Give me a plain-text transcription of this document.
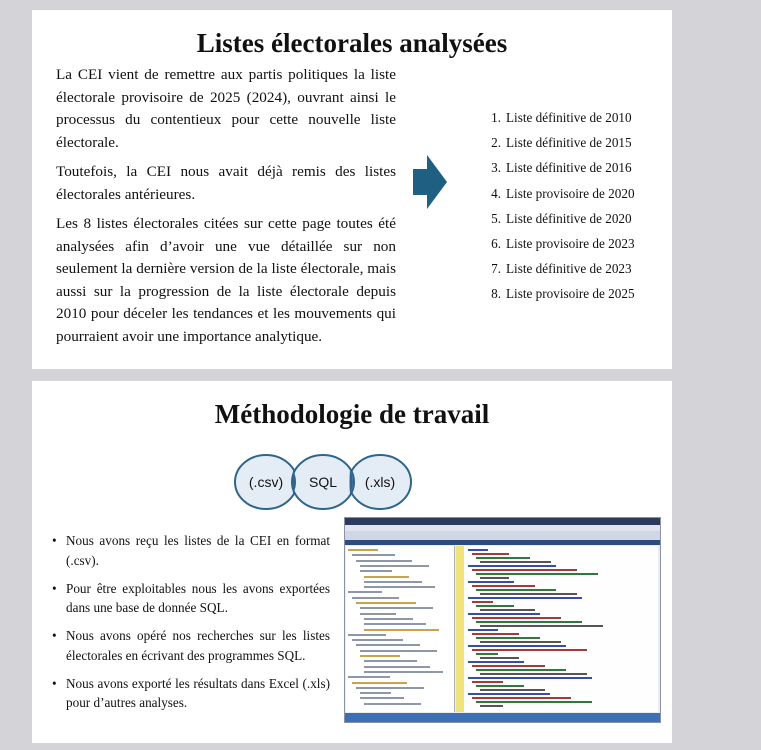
Listes électorales analysées

La CEI vient de remettre aux partis politiques la liste électorale provisoire de 2025 (2024), ouvrant ainsi le processus du contentieux pour cette nouvelle liste électorale.

Toutefois, la CEI nous avait déjà remis des listes électorales antérieures.

Les 8 listes électorales citées sur cette page toutes été analysées afin d’avoir une vue détaillée sur non seulement la dernière version de la liste électorale, mais aussi sur la progression de la liste électorale depuis 2010 pour déceler les tendances et les mouvements qui pourraient avoir une importance analytique.

1. Liste définitive de 2010
2. Liste définitive de 2015
3. Liste définitive de 2016
4. Liste provisoire de 2020
5. Liste définitive de 2020
6. Liste provisoire de 2023
7. Liste définitive de 2023
8. Liste provisoire de 2025
Méthodologie de travail
(.csv) SQL (.xls)
• Nous avons reçu les listes de la CEI en format (.csv).
• Pour être exploitables nous les avons exportées dans une base de donnée SQL.
• Nous avons opéré nos recherches sur les listes électorales en écrivant des programmes SQL.
• Nous avons exporté les résultats dans Excel (.xls) pour d’autres analyses.
